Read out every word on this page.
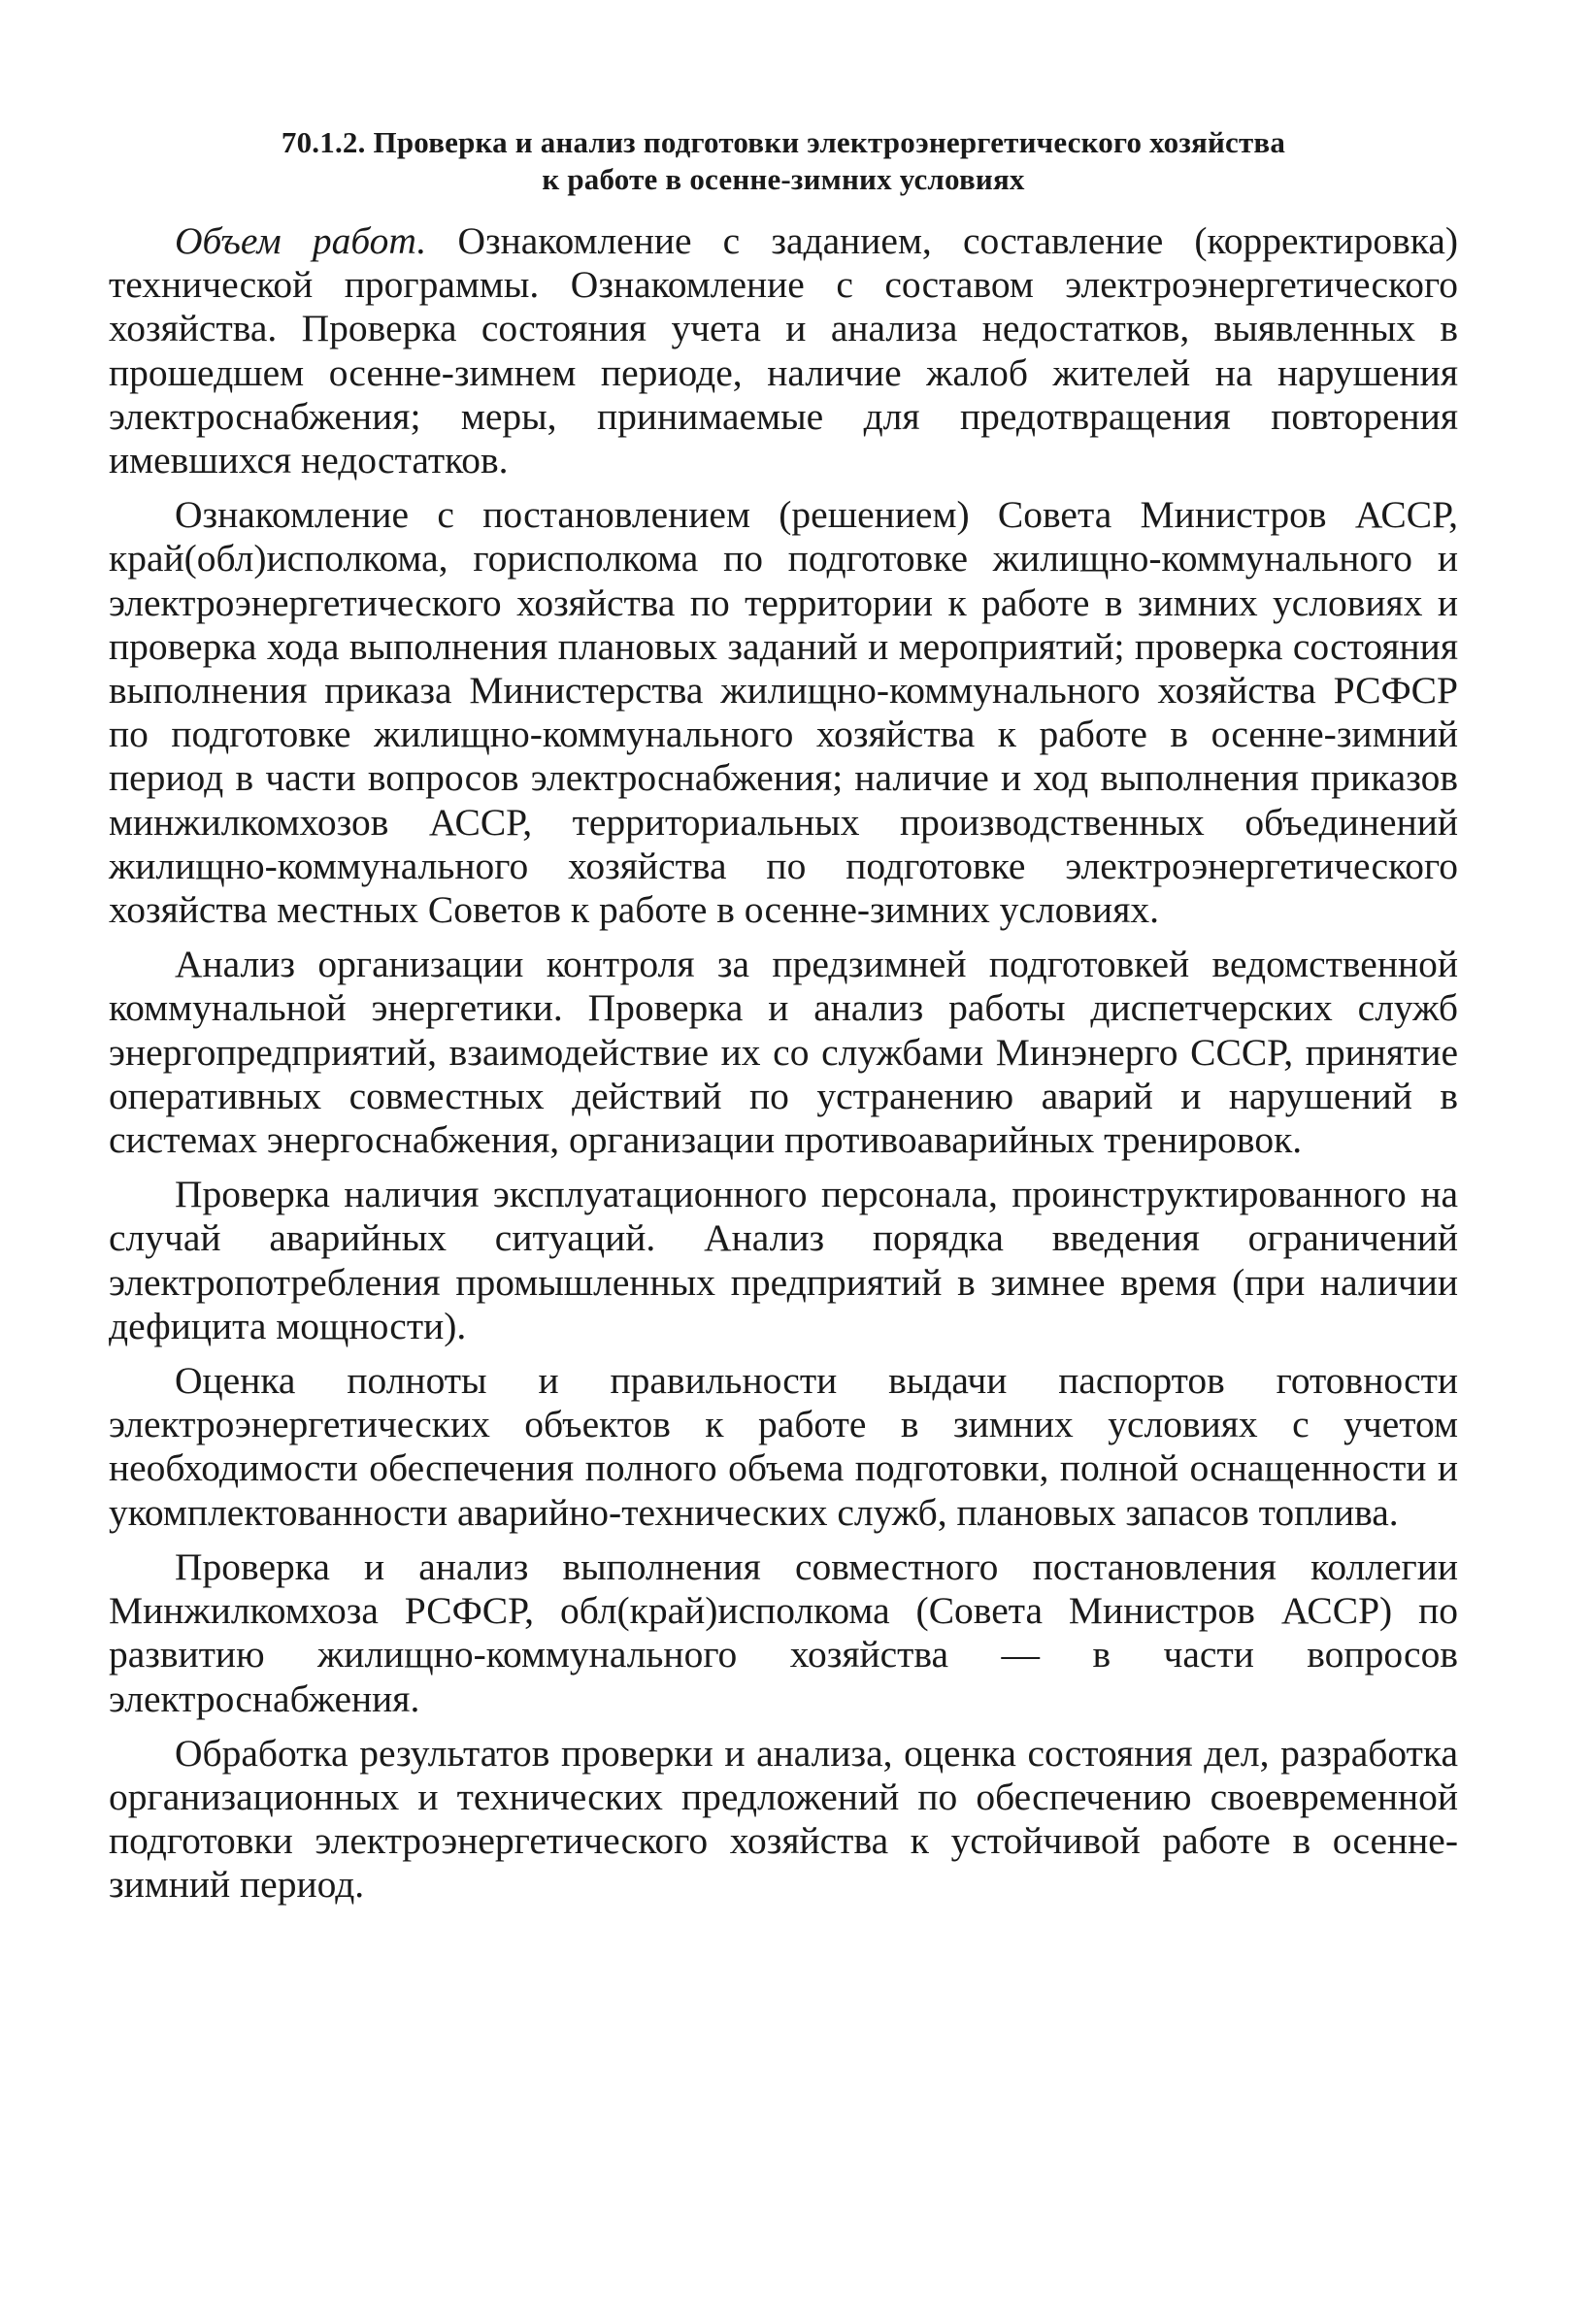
70.1.2. Проверка и анализ подготовки электроэнергетического хозяйства
к работе в осенне-зимних условиях

Объем работ. Ознакомление с заданием, составление (корректировка) технической программы. Ознакомление с составом электроэнергетического хозяйства. Проверка состояния учета и анализа недостатков, выявленных в прошедшем осенне-зимнем периоде, наличие жалоб жителей на нарушения электроснабжения; меры, принимаемые для предотвращения повторения имевшихся недостатков.

Ознакомление с постановлением (решением) Совета Министров АССР, край(обл)исполкома, горисполкома по подготовке жилищно-коммунального и электроэнергетического хозяйства по территории к работе в зимних условиях и проверка хода выполнения плановых заданий и мероприятий; проверка состояния выполнения приказа Министерства жилищно-коммунального хозяйства РСФСР по подготовке жилищно-коммунального хозяйства к работе в осенне-зимний период в части вопросов электроснабжения; наличие и ход выполнения приказов минжилкомхозов АССР, территориальных производственных объединений жилищно-коммунального хозяйства по подготовке электроэнергетического хозяйства местных Советов к работе в осенне-зимних условиях.

Анализ организации контроля за предзимней подготовкей ведомственной коммунальной энергетики. Проверка и анализ работы диспетчерских служб энергопредприятий, взаимодействие их со службами Минэнерго СССР, принятие оперативных совместных действий по устранению аварий и нарушений в системах энергоснабжения, организации противоаварийных тренировок.

Проверка наличия эксплуатационного персонала, проинструктированного на случай аварийных ситуаций. Анализ порядка введения ограничений электропотребления промышленных предприятий в зимнее время (при наличии дефицита мощности).

Оценка полноты и правильности выдачи паспортов готовности электроэнергетических объектов к работе в зимних условиях с учетом необходимости обеспечения полного объема подготовки, полной оснащенности и укомплектованности аварийно-технических служб, плановых запасов топлива.

Проверка и анализ выполнения совместного постановления коллегии Минжилкомхоза РСФСР, обл(край)исполкома (Совета Министров АССР) по развитию жилищно-коммунального хозяйства — в части вопросов электроснабжения.

Обработка результатов проверки и анализа, оценка состояния дел, разработка организационных и технических предложений по обеспечению своевременной подготовки электроэнергетического хозяйства к устойчивой работе в осенне-зимний период.
